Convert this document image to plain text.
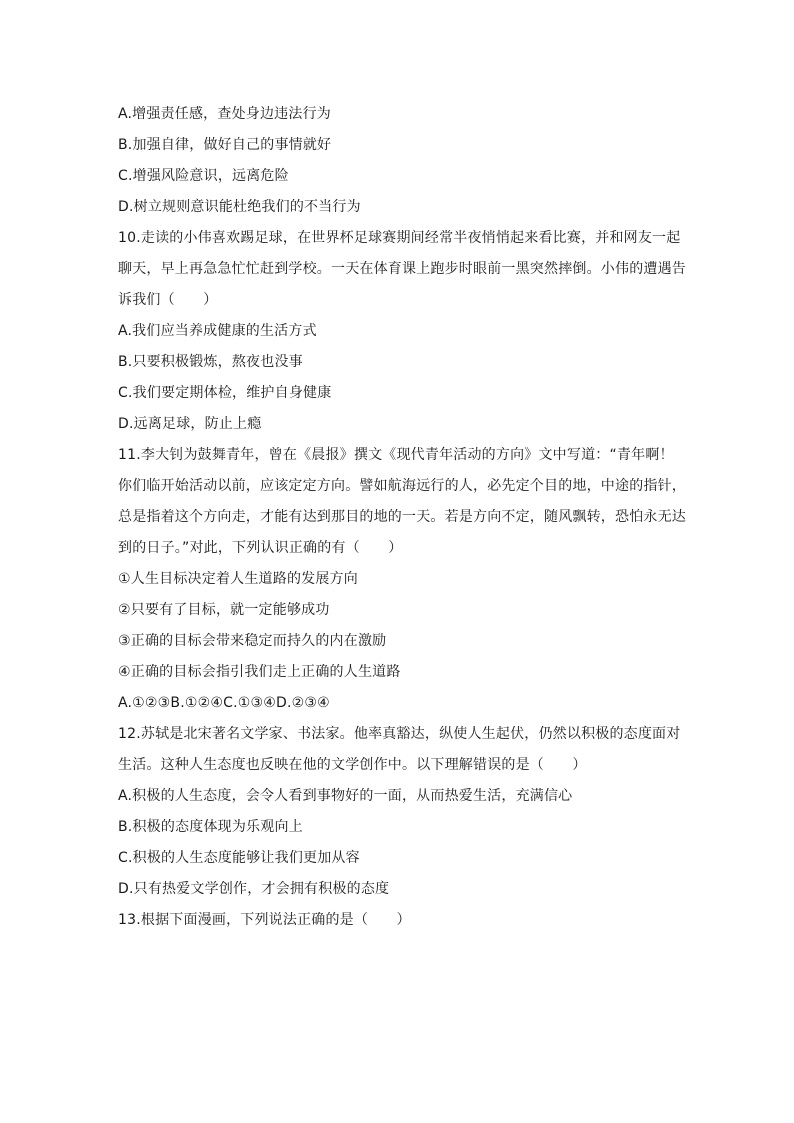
A.增强责任感，查处身边违法行为
B.加强自律，做好自己的事情就好
C.增强风险意识，远离危险
D.树立规则意识能杜绝我们的不当行为
10.走读的小伟喜欢踢足球，在世界杯足球赛期间经常半夜悄悄起来看比赛，并和网友一起
聊天，早上再急急忙忙赶到学校。一天在体育课上跑步时眼前一黑突然摔倒。小伟的遭遇告
诉我们（　　）
A.我们应当养成健康的生活方式
B.只要积极锻炼，熬夜也没事
C.我们要定期体检，维护自身健康
D.远离足球，防止上瘾
11.李大钊为鼓舞青年，曾在《晨报》撰文《现代青年活动的方向》文中写道：“青年啊！
你们临开始活动以前，应该定定方向。譬如航海远行的人，必先定个目的地，中途的指针，
总是指着这个方向走，才能有达到那目的地的一天。若是方向不定，随风飘转，恐怕永无达
到的日子。”对此，下列认识正确的有（　　）
①人生目标决定着人生道路的发展方向
②只要有了目标，就一定能够成功
③正确的目标会带来稳定而持久的内在激励
④正确的目标会指引我们走上正确的人生道路
A.①②③B.①②④C.①③④D.②③④
12.苏轼是北宋著名文学家、书法家。他率真豁达，纵使人生起伏，仍然以积极的态度面对
生活。这种人生态度也反映在他的文学创作中。以下理解错误的是（　　）
A.积极的人生态度，会令人看到事物好的一面，从而热爱生活，充满信心
B.积极的态度体现为乐观向上
C.积极的人生态度能够让我们更加从容
D.只有热爱文学创作，才会拥有积极的态度
13.根据下面漫画，下列说法正确的是（　　）
